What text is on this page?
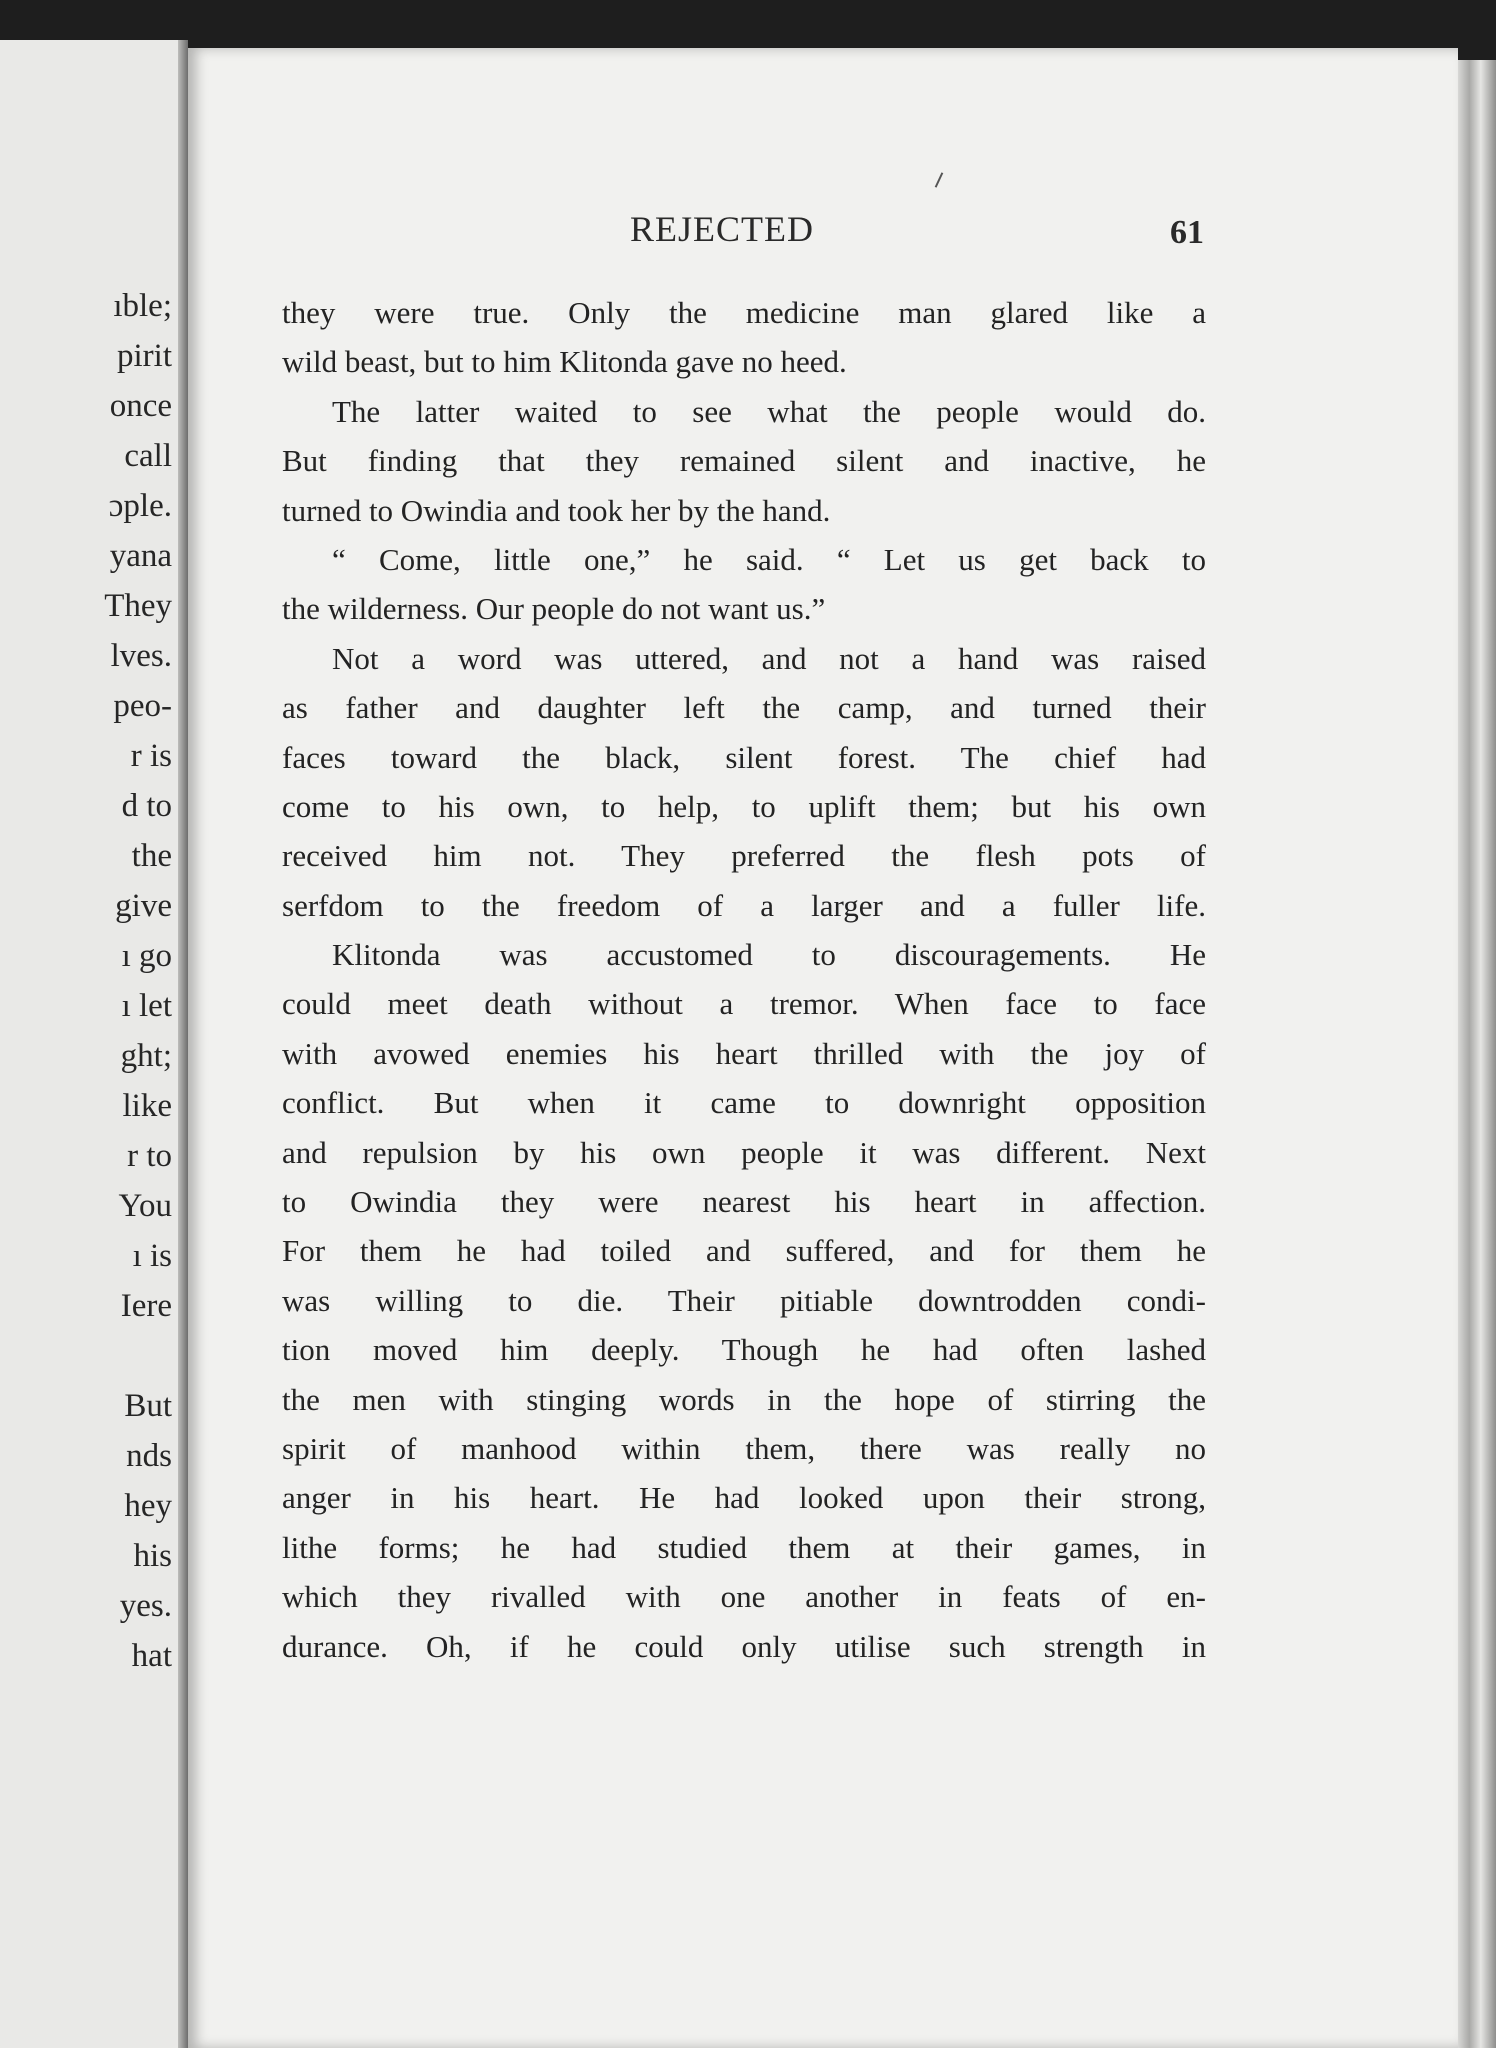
ıble;
pirit
once
call
ɔple.
yana
They
lves.
peo-
r is
d to
the
give
ı go
ı let
ght;
like
r to
You
ı is
Iere
But
nds
hey
his
yes.
hat
REJECTED	61
they were true. Only the medicine man glared like a
wild beast, but to him Klitonda gave no heed.
The latter waited to see what the people would do.
But finding that they remained silent and inactive, he
turned to Owindia and took her by the hand.
“ Come, little one,” he said. “ Let us get back to
the wilderness. Our people do not want us.”
Not a word was uttered, and not a hand was raised
as father and daughter left the camp, and turned their
faces toward the black, silent forest. The chief had
come to his own, to help, to uplift them; but his own
received him not. They preferred the flesh pots of
serfdom to the freedom of a larger and a fuller life.
Klitonda was accustomed to discouragements. He
could meet death without a tremor. When face to face
with avowed enemies his heart thrilled with the joy of
conflict. But when it came to downright opposition
and repulsion by his own people it was different. Next
to Owindia they were nearest his heart in affection.
For them he had toiled and suffered, and for them he
was willing to die. Their pitiable downtrodden condi-
tion moved him deeply. Though he had often lashed
the men with stinging words in the hope of stirring the
spirit of manhood within them, there was really no
anger in his heart. He had looked upon their strong,
lithe forms; he had studied them at their games, in
which they rivalled with one another in feats of en-
durance. Oh, if he could only utilise such strength in
